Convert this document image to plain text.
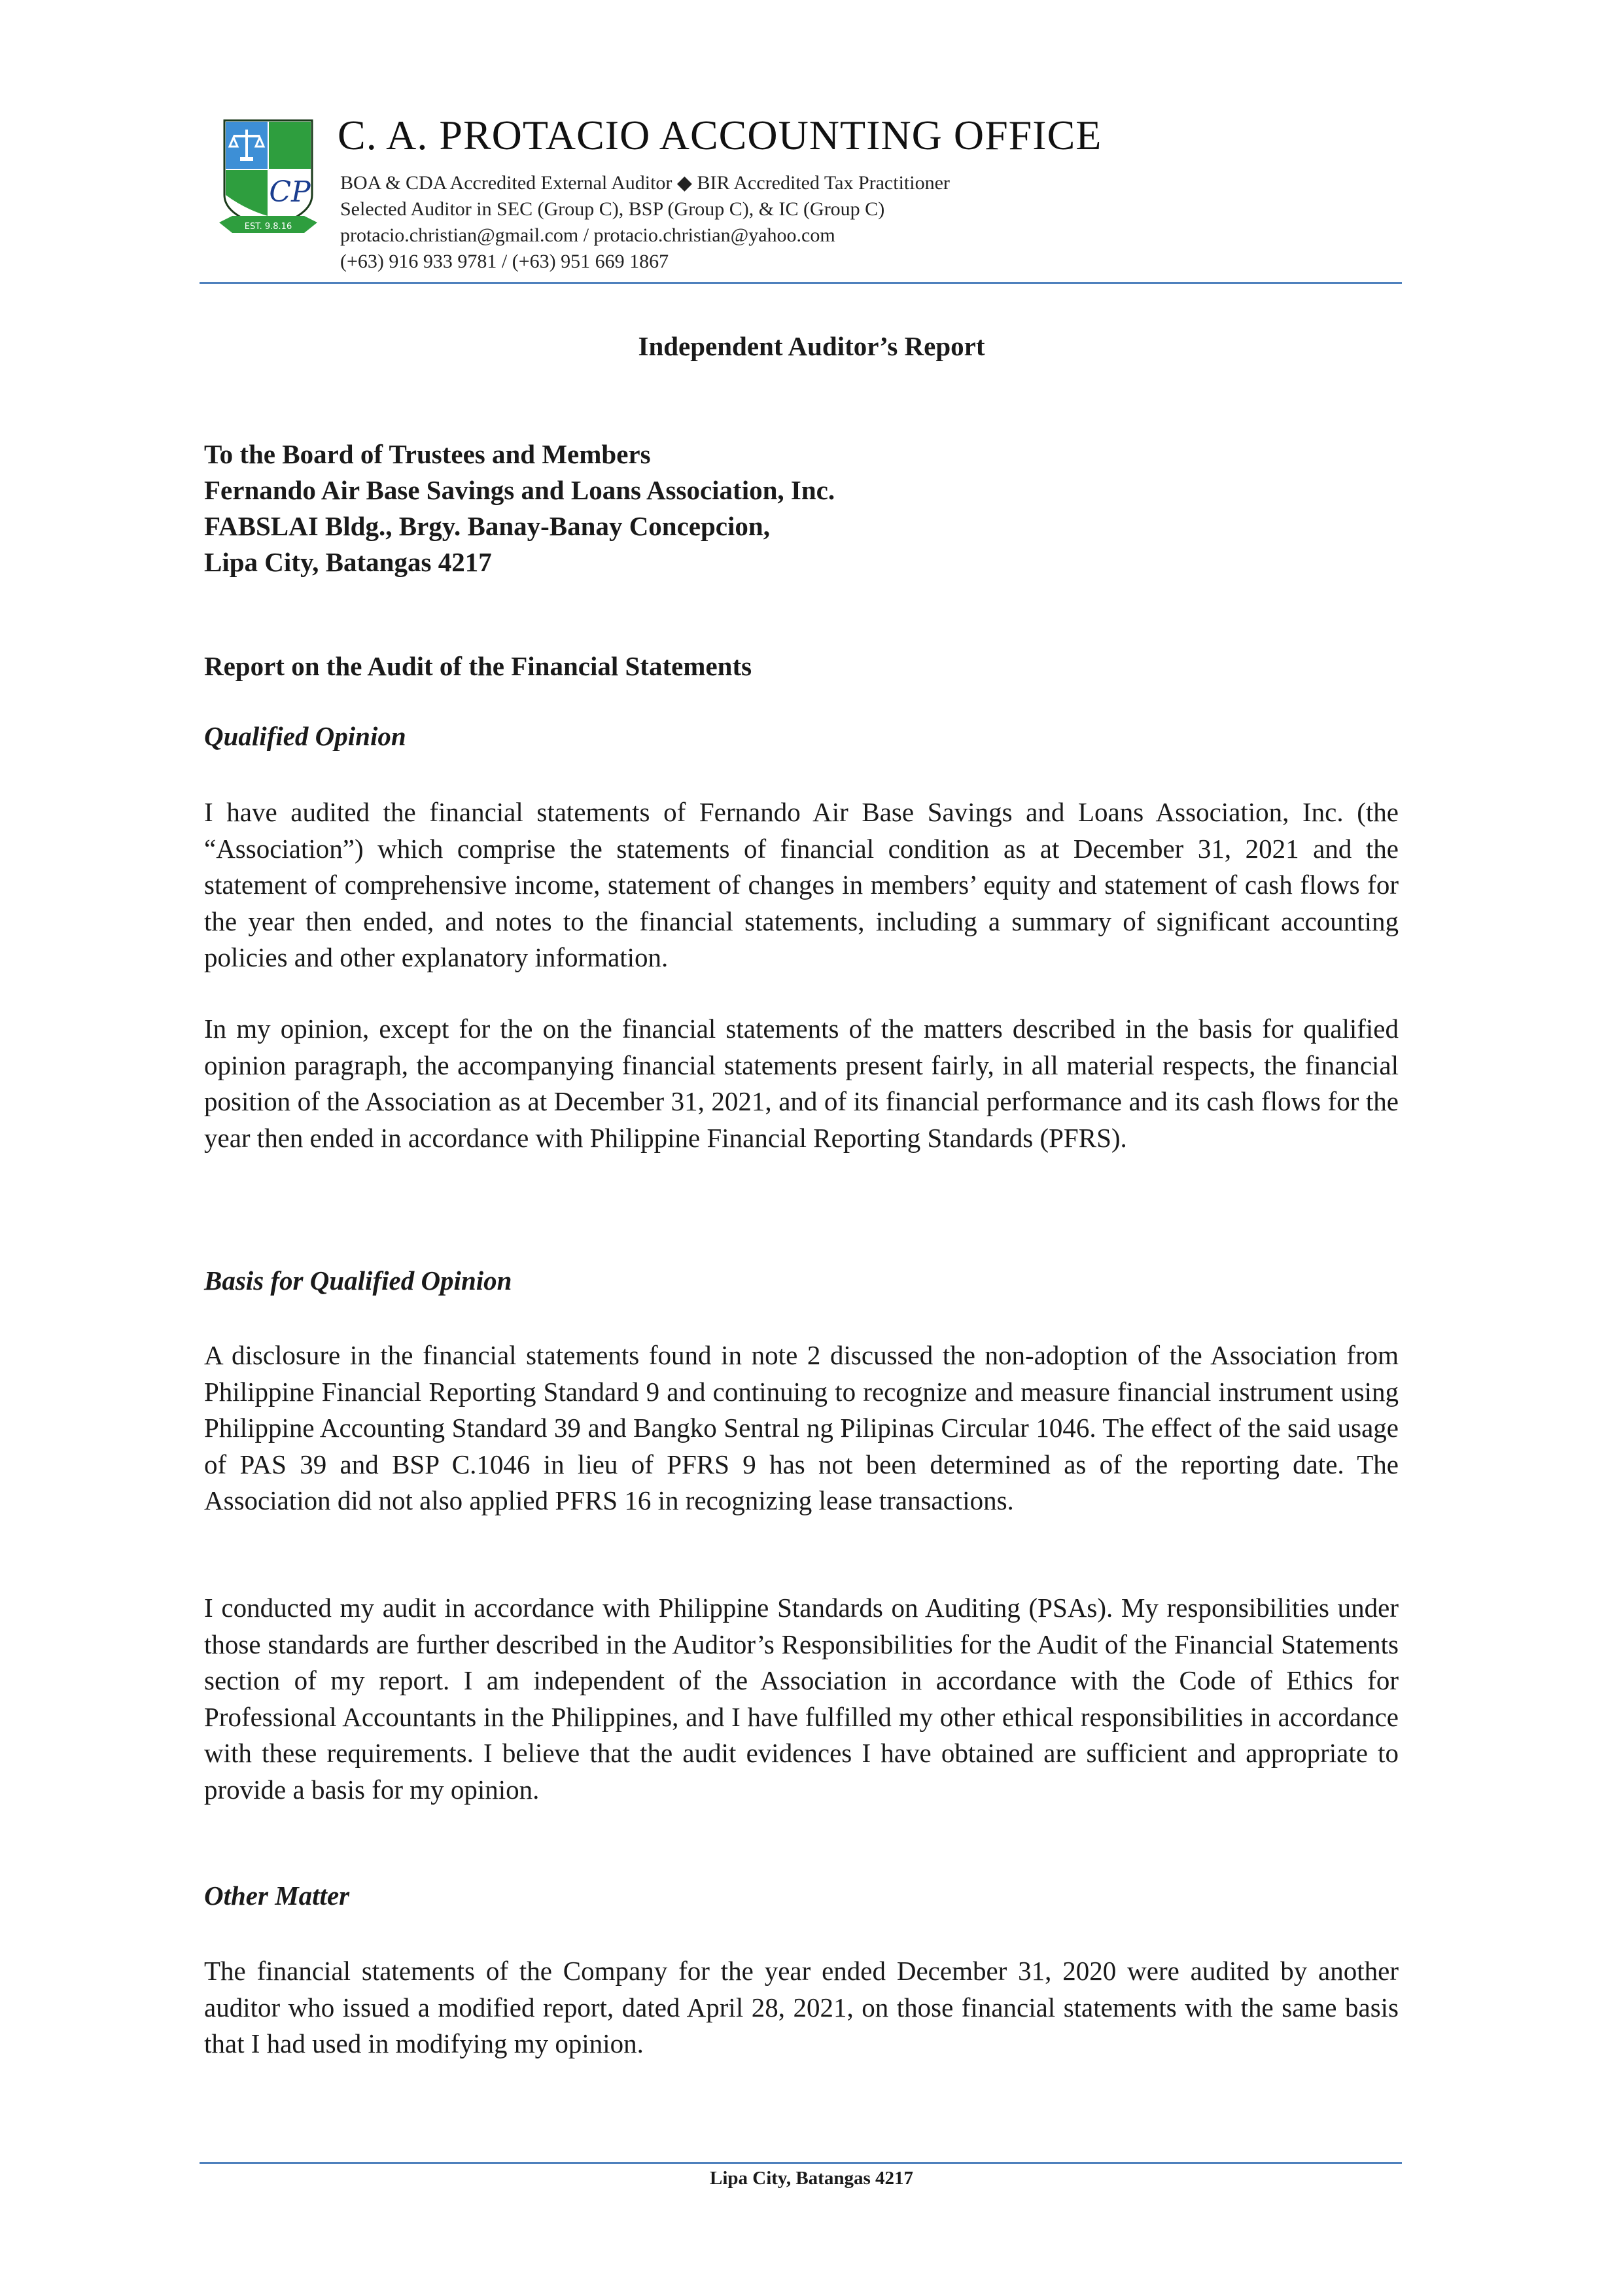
CP
EST. 9.8.16
C. A. PROTACIO ACCOUNTING OFFICE
BOA & CDA Accredited External Auditor ◆ BIR Accredited Tax Practitioner
Selected Auditor in SEC (Group C), BSP (Group C), & IC (Group C)
protacio.christian@gmail.com / protacio.christian@yahoo.com
(+63) 916 933 9781 / (+63) 951 669 1867
Independent Auditor’s Report
To the Board of Trustees and Members
Fernando Air Base Savings and Loans Association, Inc.
FABSLAI Bldg., Brgy. Banay-Banay Concepcion,
Lipa City, Batangas 4217
Report on the Audit of the Financial Statements
Qualified Opinion
I have audited the financial statements of Fernando Air Base Savings and Loans Association, Inc. (the “Association”) which comprise the statements of financial condition as at December 31, 2021 and the statement of comprehensive income, statement of changes in members’ equity and statement of cash flows for the year then ended, and notes to the financial statements, including a summary of significant accounting policies and other explanatory information.
In my opinion, except for the on the financial statements of the matters described in the basis for qualified opinion paragraph, the accompanying financial statements present fairly, in all material respects, the financial position of the Association as at December 31, 2021, and of its financial performance and its cash flows for the year then ended in accordance with Philippine Financial Reporting Standards (PFRS).
Basis for Qualified Opinion
A disclosure in the financial statements found in note 2 discussed the non-adoption of the Association from Philippine Financial Reporting Standard 9 and continuing to recognize and measure financial instrument using Philippine Accounting Standard 39 and Bangko Sentral ng Pilipinas Circular 1046. The effect of the said usage of PAS 39 and BSP C.1046 in lieu of PFRS 9 has not been determined as of the reporting date. The Association did not also applied PFRS 16 in recognizing lease transactions.
I conducted my audit in accordance with Philippine Standards on Auditing (PSAs). My responsibilities under those standards are further described in the Auditor’s Responsibilities for the Audit of the Financial Statements section of my report. I am independent of the Association in accordance with the Code of Ethics for Professional Accountants in the Philippines, and I have fulfilled my other ethical responsibilities in accordance with these requirements. I believe that the audit evidences I have obtained are sufficient and appropriate to provide a basis for my opinion.
Other Matter
The financial statements of the Company for the year ended December 31, 2020 were audited by another auditor who issued a modified report, dated April 28, 2021, on those financial statements with the same basis that I had used in modifying my opinion.
Lipa City, Batangas 4217
